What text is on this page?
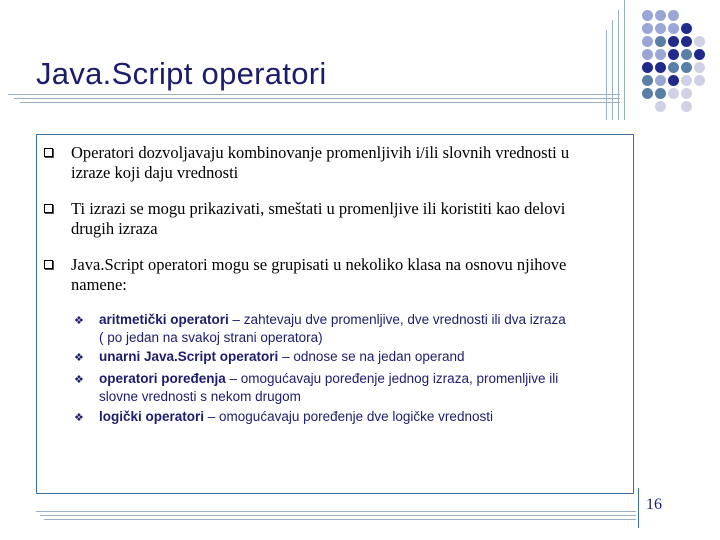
Java.Script operatori
Operatori dozvoljavaju kombinovanje promenljivih i/ili slovnih vrednosti u
izraze koji daju vrednosti
Ti izrazi se mogu prikazivati, smeštati u promenljive ili koristiti kao delovi
drugih izraza
Java.Script operatori mogu se grupisati u nekoliko klasa na osnovu njihove
namene:
❖ aritmetički operatori – zahtevaju dve promenljive, dve vrednosti ili dva izraza
( po jedan na svakoj strani operatora)
❖ unarni Java.Script operatori – odnose se na jedan operand
❖ operatori poređenja – omogućavaju poređenje jednog izraza, promenljive ili
slovne vrednosti s nekom drugom
❖ logički operatori – omogućavaju poređenje dve logičke vrednosti
16
